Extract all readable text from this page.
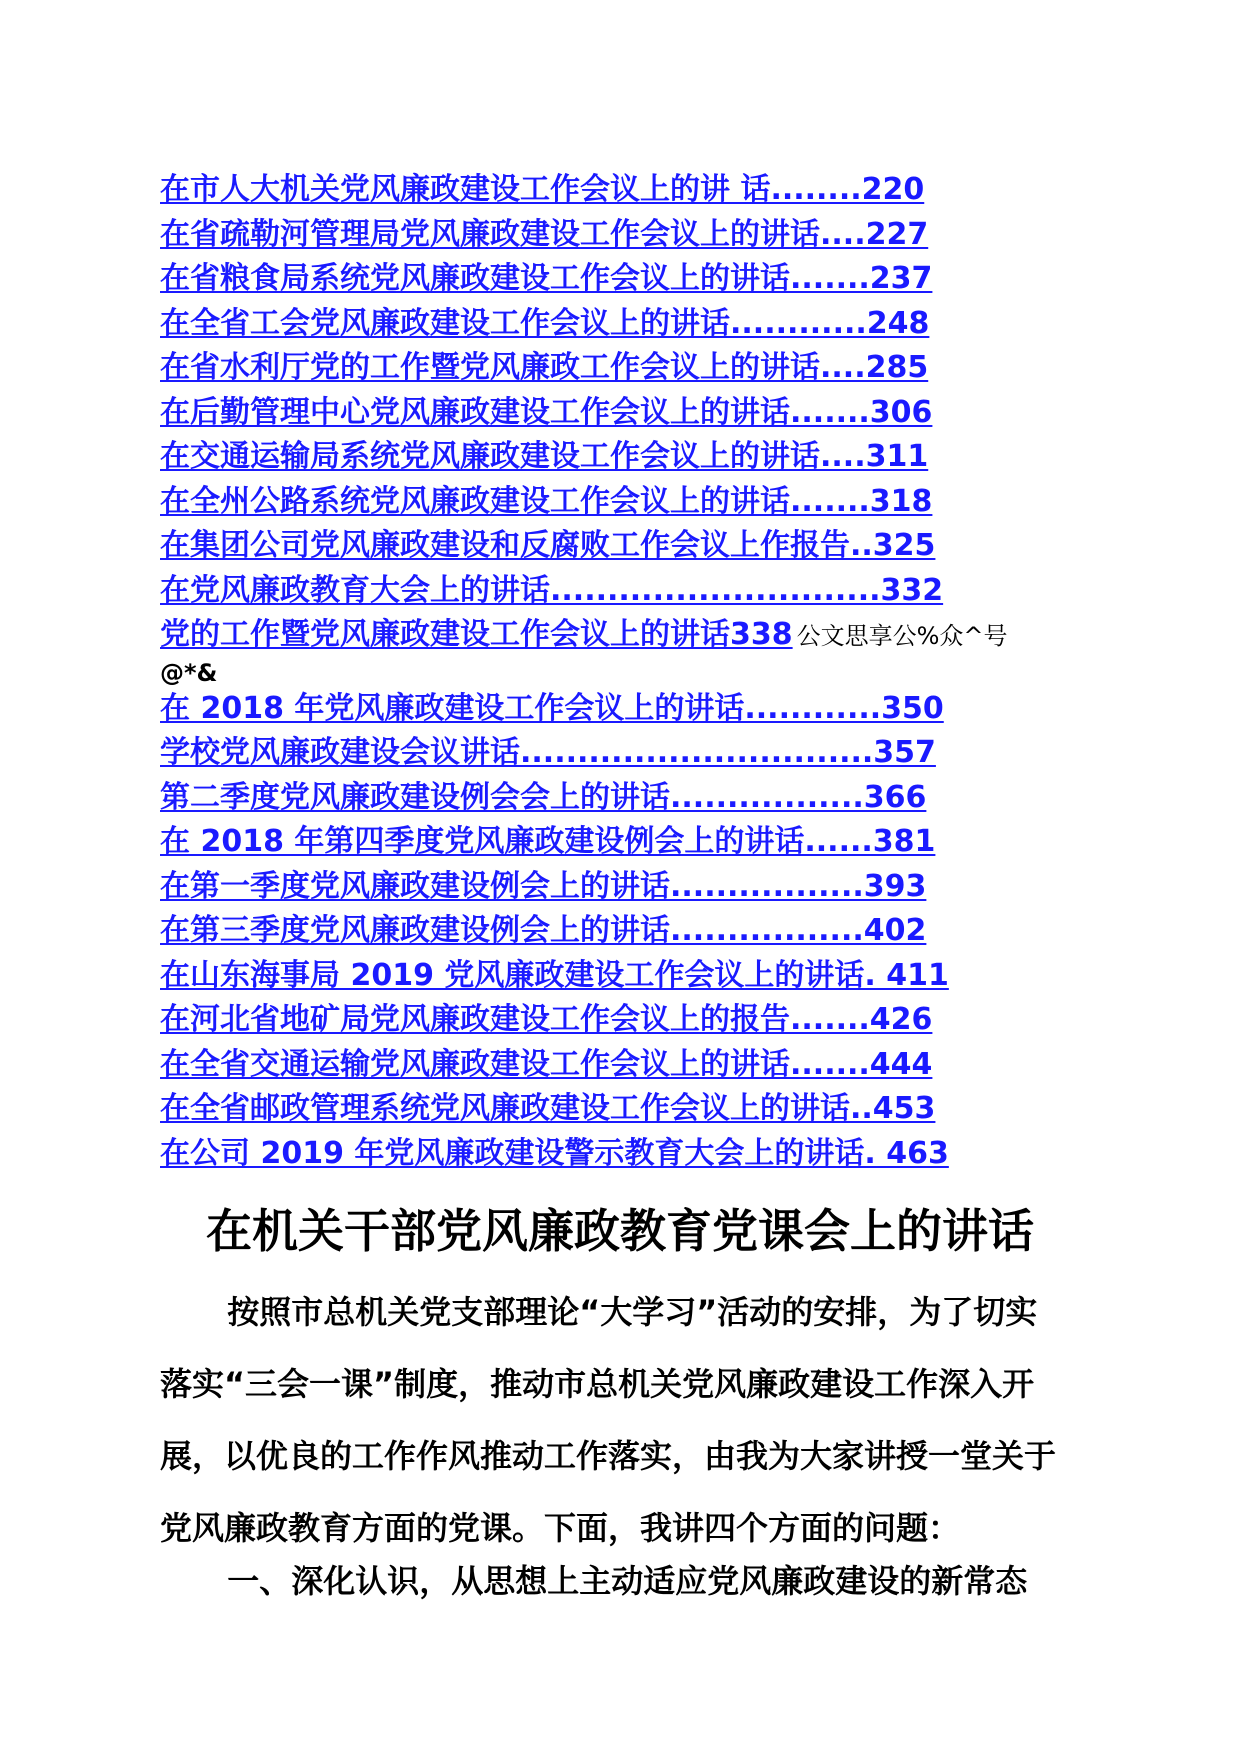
在市人大机关党风廉政建设工作会议上的讲 话........220
在省疏勒河管理局党风廉政建设工作会议上的讲话....227
在省粮食局系统党风廉政建设工作会议上的讲话.......237
在全省工会党风廉政建设工作会议上的讲话............248
在省水利厅党的工作暨党风廉政工作会议上的讲话....285
在后勤管理中心党风廉政建设工作会议上的讲话.......306
在交通运输局系统党风廉政建设工作会议上的讲话....311
在全州公路系统党风廉政建设工作会议上的讲话.......318
在集团公司党风廉政建设和反腐败工作会议上作报告..325
在党风廉政教育大会上的讲话.............................332
党的工作暨党风廉政建设工作会议上的讲话338 公文思享公%众^号
@*&
在 2018 年党风廉政建设工作会议上的讲话............350
学校党风廉政建设会议讲话...............................357
第二季度党风廉政建设例会会上的讲话.................366
在 2018 年第四季度党风廉政建设例会上的讲话......381
在第一季度党风廉政建设例会上的讲话.................393
在第三季度党风廉政建设例会上的讲话.................402
在山东海事局 2019 党风廉政建设工作会议上的讲话. 411
在河北省地矿局党风廉政建设工作会议上的报告.......426
在全省交通运输党风廉政建设工作会议上的讲话.......444
在全省邮政管理系统党风廉政建设工作会议上的讲话..453
在公司 2019 年党风廉政建设警示教育大会上的讲话. 463
在机关干部党风廉政教育党课会上的讲话

按照市总机关党支部理论“大学习”活动的安排，为了切实落实“三会一课”制度，推动市总机关党风廉政建设工作深入开展，以优良的工作作风推动工作落实，由我为大家讲授一堂关于党风廉政教育方面的党课。下面，我讲四个方面的问题：

一、深化认识，从思想上主动适应党风廉政建设的新常态
